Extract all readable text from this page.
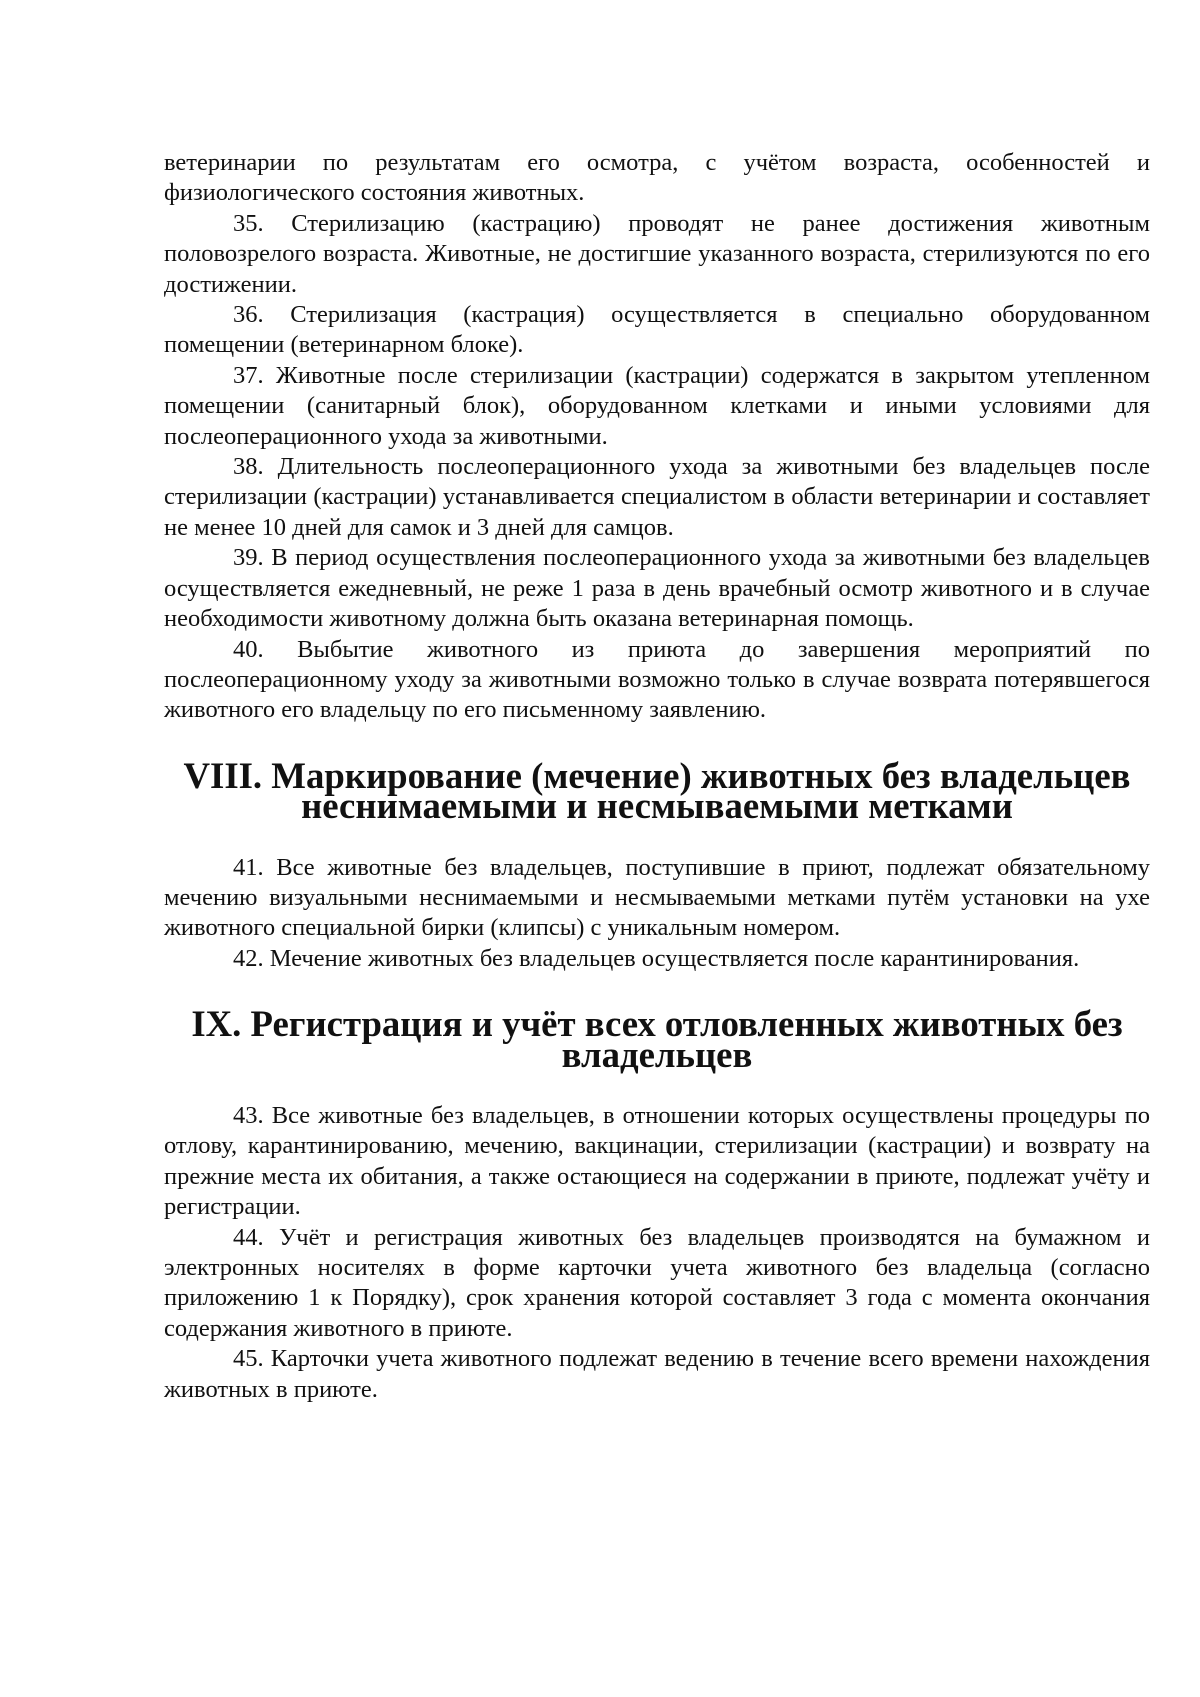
ветеринарии по результатам его осмотра, с учётом возраста, особенностей и физиологического состояния животных.

35. Стерилизацию (кастрацию) проводят не ранее достижения животным половозрелого возраста. Животные, не достигшие указанного возраста, стерилизуются по его достижении.

36. Стерилизация (кастрация) осуществляется в специально оборудованном помещении (ветеринарном блоке).

37. Животные после стерилизации (кастрации) содержатся в закрытом утепленном помещении (санитарный блок), оборудованном клетками и иными условиями для послеоперационного ухода за животными.

38. Длительность послеоперационного ухода за животными без владельцев после стерилизации (кастрации) устанавливается специалистом в области ветеринарии и составляет не менее 10 дней для самок и 3 дней для самцов.

39. В период осуществления послеоперационного ухода за животными без владельцев осуществляется ежедневный, не реже 1 раза в день врачебный осмотр животного и в случае необходимости животному должна быть оказана ветеринарная помощь.

40. Выбытие животного из приюта до завершения мероприятий по послеоперационному уходу за животными возможно только в случае возврата потерявшегося животного его владельцу по его письменному заявлению.

VIII. Маркирование (мечение) животных без владельцев
неснимаемыми и несмываемыми метками

41. Все животные без владельцев, поступившие в приют, подлежат обязательному мечению визуальными неснимаемыми и несмываемыми метками путём установки на ухе животного специальной бирки (клипсы) с уникальным номером.

42. Мечение животных без владельцев осуществляется после карантинирования.

IX. Регистрация и учёт всех отловленных животных без владельцев

43. Все животные без владельцев, в отношении которых осуществлены процедуры по отлову, карантинированию, мечению, вакцинации, стерилизации (кастрации) и возврату на прежние места их обитания, а также остающиеся на содержании в приюте, подлежат учёту и регистрации.

44. Учёт и регистрация животных без владельцев производятся на бумажном и электронных носителях в форме карточки учета животного без владельца (согласно приложению 1 к Порядку), срок хранения которой составляет 3 года с момента окончания содержания животного в приюте.

45. Карточки учета животного подлежат ведению в течение всего времени нахождения животных в приюте.
